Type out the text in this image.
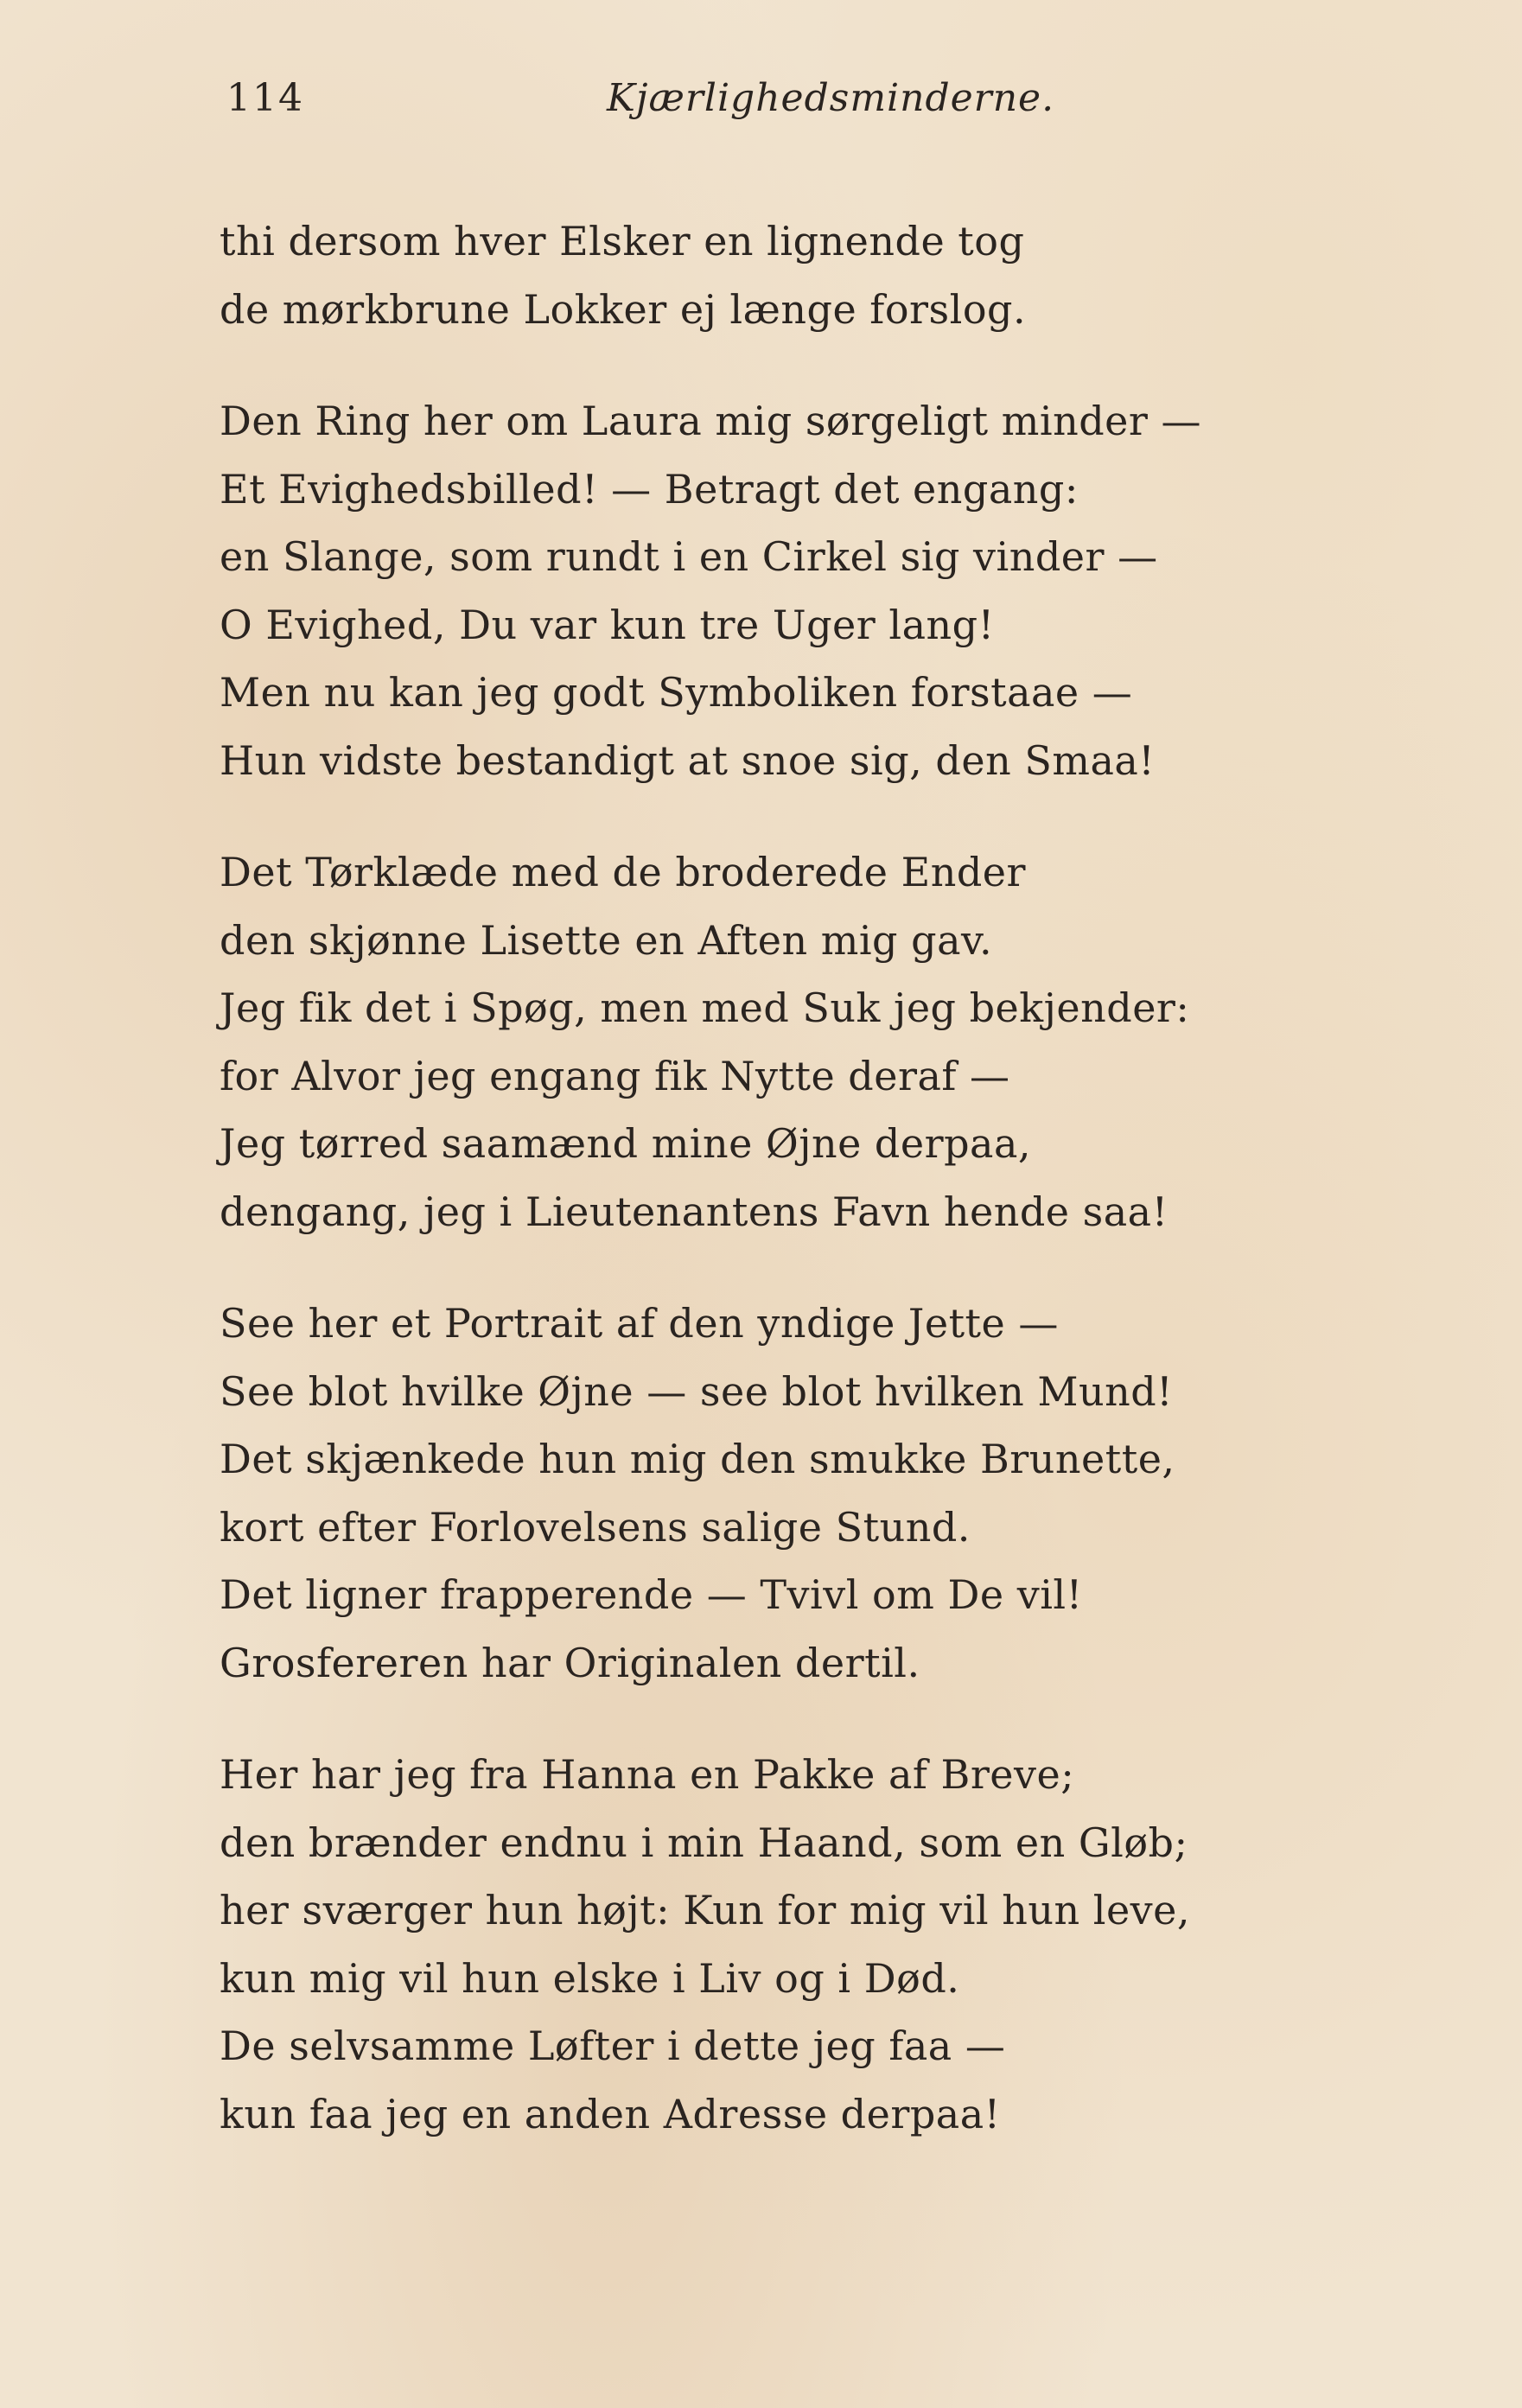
114	Kjærlighedsminderne.
thi dersom hver Elsker en lignende tog
de mørkbrune Lokker ej længe forslog.
Den Ring her om Laura mig sørgeligt minder —
Et Evighedsbilled! — Betragt det engang:
en Slange, som rundt i en Cirkel sig vinder —
O Evighed, Du var kun tre Uger lang!
Men nu kan jeg godt Symboliken forstaae —
Hun vidste bestandigt at snoe sig, den Smaa!
Det Tørklæde med de broderede Ender
den skjønne Lisette en Aften mig gav.
Jeg fik det i Spøg, men med Suk jeg bekjender:
for Alvor jeg engang fik Nytte deraf —
Jeg tørred saamænd mine Øjne derpaa,
dengang, jeg i Lieutenantens Favn hende saa!
See her et Portrait af den yndige Jette —
See blot hvilke Øjne — see blot hvilken Mund!
Det skjænkede hun mig den smukke Brunette,
kort efter Forlovelsens salige Stund.
Det ligner frapperende — Tvivl om De vil!
Grosfereren har Originalen dertil.
Her har jeg fra Hanna en Pakke af Breve;
den brænder endnu i min Haand, som en Gløb;
her sværger hun højt: Kun for mig vil hun leve,
kun mig vil hun elske i Liv og i Død.
De selvsamme Løfter i dette jeg faa —
kun faa jeg en anden Adresse derpaa!
